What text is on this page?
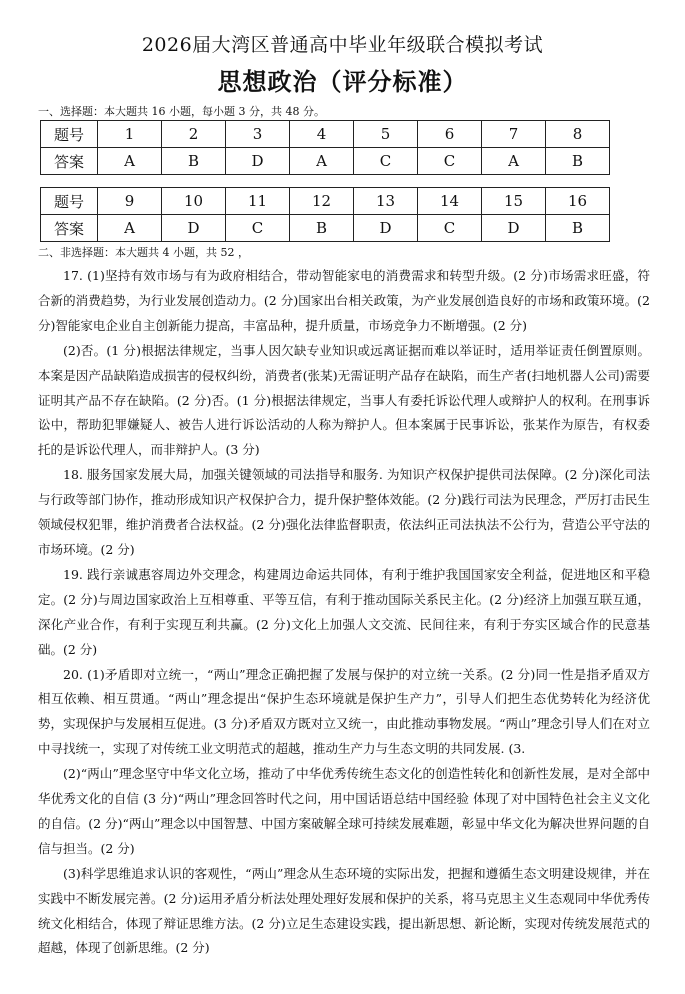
2026届大湾区普通高中毕业年级联合模拟考试
思想政治（评分标准）
一、选择题：本大题共 16 小题，每小题 3 分，共 48 分。
题号	1	2	3	4	5	6	7	8
答案	A	B	D	A	C	C	A	B
题号	9	10	11	12	13	14	15	16
答案	A	D	C	B	D	C	D	B
二、非选择题：本大题共 4 小题，共 52 ，

17. (1)坚持有效市场与有为政府相结合，带动智能家电的消费需求和转型升级。(2 分)市场需求旺盛，符合新的消费趋势，为行业发展创造动力。(2 分)国家出台相关政策，为产业发展创造良好的市场和政策环境。(2 分)智能家电企业自主创新能力提高，丰富品种，提升质量，市场竞争力不断增强。(2 分)

(2)否。(1 分)根据法律规定，当事人因欠缺专业知识或远离证据而难以举证时，适用举证责任倒置原则。本案是因产品缺陷造成损害的侵权纠纷，消费者(张某)无需证明产品存在缺陷，而生产者(扫地机器人公司)需要证明其产品不存在缺陷。(2 分)否。(1 分)根据法律规定，当事人有委托诉讼代理人或辩护人的权利。在刑事诉讼中，帮助犯罪嫌疑人、被告人进行诉讼活动的人称为辩护人。但本案属于民事诉讼，张某作为原告，有权委托的是诉讼代理人，而非辩护人。(3 分)

18. 服务国家发展大局，加强关键领域的司法指导和服务. 为知识产权保护提供司法保障。(2 分)深化司法与行政等部门协作，推动形成知识产权保护合力，提升保护整体效能。(2 分)践行司法为民理念，严厉打击民生领域侵权犯罪，维护消费者合法权益。(2 分)强化法律监督职责，依法纠正司法执法不公行为，营造公平守法的市场环境。(2 分)

19. 践行亲诚惠容周边外交理念，构建周边命运共同体，有利于维护我国国家安全利益，促进地区和平稳定。(2 分)与周边国家政治上互相尊重、平等互信，有利于推动国际关系民主化。(2 分)经济上加强互联互通，深化产业合作，有利于实现互利共赢。(2 分)文化上加强人文交流、民间往来，有利于夯实区域合作的民意基础。(2 分)

20. (1)矛盾即对立统一，“两山”理念正确把握了发展与保护的对立统一关系。(2 分)同一性是指矛盾双方相互依赖、相互贯通。“两山”理念提出“保护生态环境就是保护生产力”，引导人们把生态优势转化为经济优势，实现保护与发展相互促进。(3 分)矛盾双方既对立又统一，由此推动事物发展。“两山”理念引导人们在对立中寻找统一，实现了对传统工业文明范式的超越，推动生产力与生态文明的共同发展. (3.

(2)“两山”理念坚守中华文化立场，推动了中华优秀传统生态文化的创造性转化和创新性发展，是对全部中华优秀文化的自信 (3 分)“两山”理念回答时代之问，用中国话语总结中国经验 体现了对中国特色社会主义文化的自信。(2 分)“两山”理念以中国智慧、中国方案破解全球可持续发展难题，彰显中华文化为解决世界问题的自信与担当。(2 分)

(3)科学思维追求认识的客观性，“两山”理念从生态环境的实际出发，把握和遵循生态文明建设规律，并在实践中不断发展完善。(2 分)运用矛盾分析法处理处理好发展和保护的关系，将马克思主义生态观同中华优秀传统文化相结合，体现了辩证思维方法。(2 分)立足生态建设实践，提出新思想、新论断，实现对传统发展范式的超越，体现了创新思维。(2 分)
